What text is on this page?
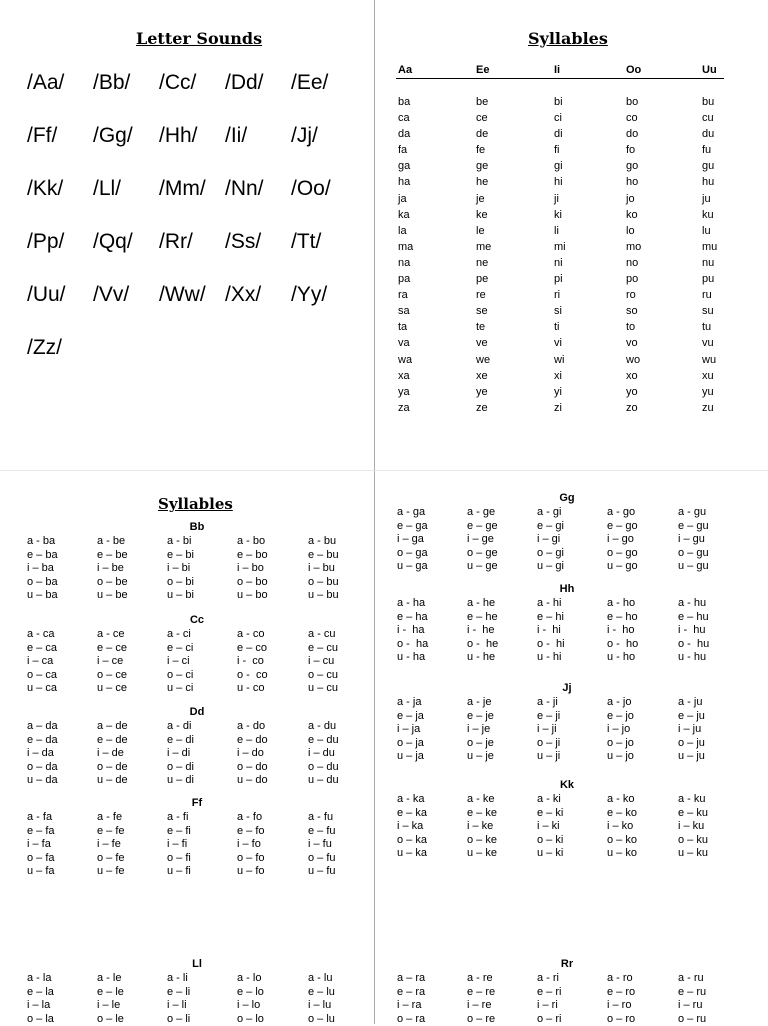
Letter Sounds
/Aa/ /Bb/ /Cc/ /Dd/ /Ee/
/Ff/ /Gg/ /Hh/ /Ii/ /Jj/
/Kk/ /Ll/ /Mm/ /Nn/ /Oo/
/Pp/ /Qq/ /Rr/ /Ss/ /Tt/
/Uu/ /Vv/ /Ww/ /Xx/ /Yy/
/Zz/
Syllables
Aa	Ee	Ii	Oo	Uu
ba	be	bi	bo	bu
ca	ce	ci	co	cu
da	de	di	do	du
fa	fe	fi	fo	fu
ga	ge	gi	go	gu
ha	he	hi	ho	hu
ja	je	ji	jo	ju
ka	ke	ki	ko	ku
la	le	li	lo	lu
ma	me	mi	mo	mu
na	ne	ni	no	nu
pa	pe	pi	po	pu
ra	re	ri	ro	ru
sa	se	si	so	su
ta	te	ti	to	tu
va	ve	vi	vo	vu
wa	we	wi	wo	wu
xa	xe	xi	xo	xu
ya	ye	yi	yo	yu
za	ze	zi	zo	zu
Syllables
Bb
a - ba	a - be	a - bi	a - bo	a - bu
e – ba	e – be	e – bi	e – bo	e – bu
i – ba	i – be	i – bi	i – bo	i – bu
o – ba	o – be	o – bi	o – bo	o – bu
u – ba	u – be	u – bi	u – bo	u – bu
Cc
a - ca	a - ce	a - ci	a - co	a - cu
e – ca	e – ce	e – ci	e – co	e – cu
i – ca	i – ce	i – ci	i -  co	i – cu
o – ca	o – ce	o – ci	o -  co	o – cu
u – ca	u – ce	u – ci	u - co	u – cu
Dd
a – da	a – de	a - di	a - do	a - du
e – da	e – de	e – di	e – do	e – du
i – da	i – de	i – di	i – do	i – du
o – da	o – de	o – di	o – do	o – du
u – da	u – de	u – di	u – do	u – du
Ff
a - fa	a - fe	a - fi	a - fo	a - fu
e – fa	e – fe	e – fi	e – fo	e – fu
i – fa	i – fe	i – fi	i – fo	i – fu
o – fa	o – fe	o – fi	o – fo	o – fu
u – fa	u – fe	u – fi	u – fo	u – fu
Ll
a - la	a - le	a - li	a - lo	a - lu
e – la	e – le	e – li	e – lo	e – lu
i – la	i – le	i – li	i – lo	i – lu
o – la	o – le	o – li	o – lo	o – lu
Gg
a - ga	a - ge	a - gi	a - go	a - gu
e – ga	e – ge	e – gi	e – go	e – gu
i – ga	i – ge	i – gi	i – go	i – gu
o – ga	o – ge	o – gi	o – go	o – gu
u – ga	u – ge	u – gi	u – go	u – gu
Hh
a - ha	a - he	a - hi	a - ho	a - hu
e – ha	e – he	e – hi	e – ho	e – hu
i -  ha	i -  he	i -  hi	i -  ho	i -  hu
o -  ha	o -  he	o -  hi	o -  ho	o -  hu
u - ha	u - he	u - hi	u - ho	u - hu
Jj
a - ja	a - je	a - ji	a - jo	a - ju
e – ja	e – je	e – ji	e – jo	e – ju
i – ja	i – je	i – ji	i – jo	i – ju
o – ja	o – je	o – ji	o – jo	o – ju
u – ja	u – je	u – ji	u – jo	u – ju
Kk
a - ka	a - ke	a - ki	a - ko	a - ku
e – ka	e – ke	e – ki	e – ko	e – ku
i – ka	i – ke	i – ki	i – ko	i – ku
o – ka	o – ke	o – ki	o – ko	o – ku
u – ka	u – ke	u – ki	u – ko	u – ku
Rr
a – ra	a - re	a - ri	a - ro	a - ru
e – ra	e – re	e – ri	e – ro	e – ru
i – ra	i – re	i – ri	i – ro	i – ru
o – ra	o – re	o – ri	o – ro	o – ru
